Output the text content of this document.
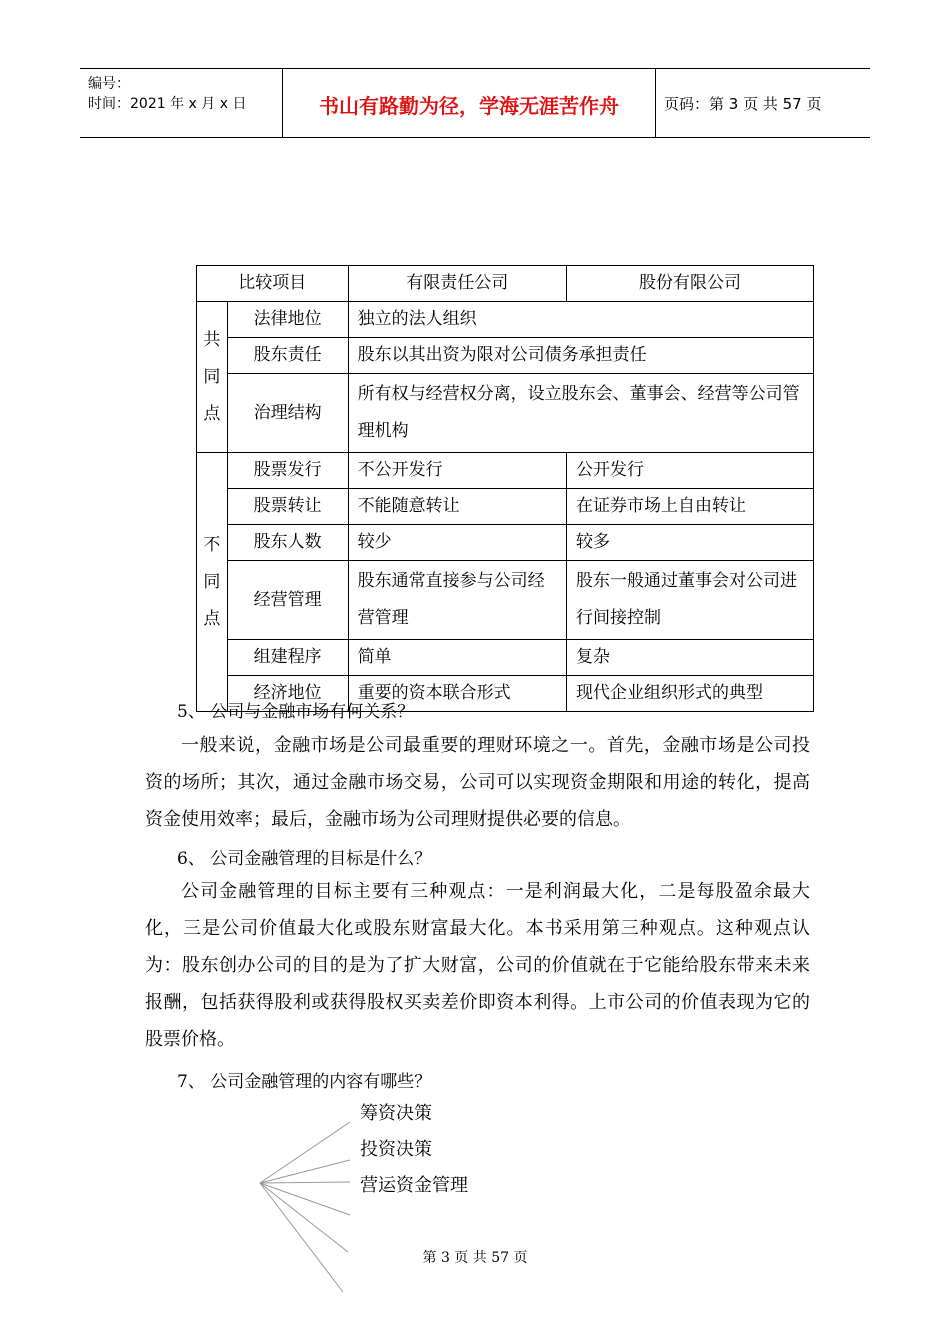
编号：
时间：2021 年 x 月 x 日	书山有路勤为径，学海无涯苦作舟	页码：第 3 页 共 57 页
比较项目		有限责任公司	股份有限公司

共
同
点	法律地位	独立的法人组织	
	股东责任	股东以其出资为限对公司债务承担责任	
	治理结构	所有权与经营权分离，设立股东会、董事会、经营等公司管理机构	

不
同
点	股票发行	不公开发行	公开发行
	股票转让	不能随意转让	在证券市场上自由转让
	股东人数	较少	较多
	经营管理	股东通常直接参与公司经营管理	股东一般通过董事会对公司进行间接控制
	组建程序	简单	复杂
	经济地位	重要的资本联合形式	现代企业组织形式的典型
5、 公司与金融市场有何关系？
一般来说，金融市场是公司最重要的理财环境之一。首先，金融市场是公司投资的场所；其次，通过金融市场交易，公司可以实现资金期限和用途的转化，提高资金使用效率；最后，金融市场为公司理财提供必要的信息。
6、 公司金融管理的目标是什么？
公司金融管理的目标主要有三种观点：一是利润最大化，二是每股盈余最大化，三是公司价值最大化或股东财富最大化。本书采用第三种观点。这种观点认为：股东创办公司的目的是为了扩大财富，公司的价值就在于它能给股东带来未来报酬，包括获得股利或获得股权买卖差价即资本利得。上市公司的价值表现为它的股票价格。
7、 公司金融管理的内容有哪些？
筹资决策
投资决策
营运资金管理
第 3 页 共 57 页
